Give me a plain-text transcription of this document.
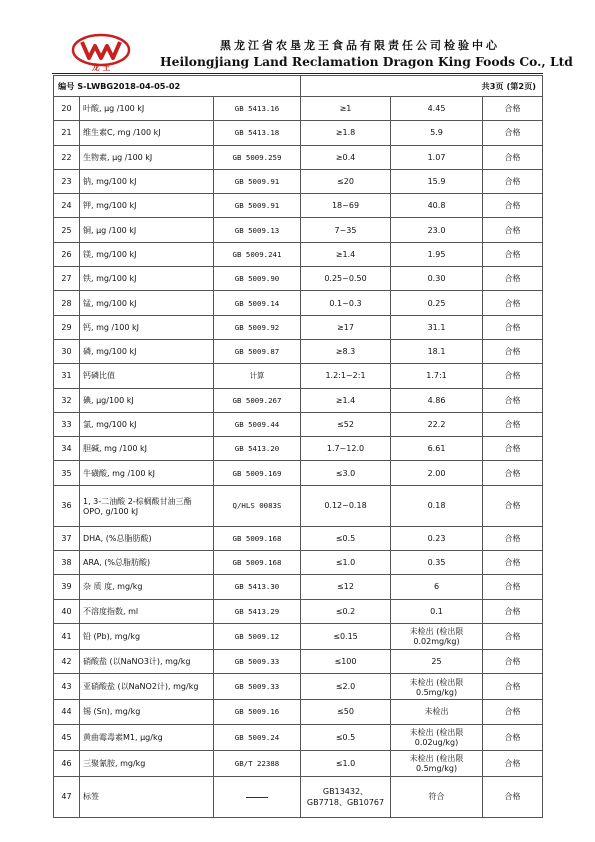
龙 王
黑龙江省农垦龙王食品有限责任公司检验中心
Heilongjiang Land Reclamation Dragon King Foods Co., Ltd
编号 S-LWBG2018-04-05-02			共3页 (第2页)		
20	叶酸, μg /100 kJ	GB 5413.16	≥1	4.45	合格
21	维生素C, mg /100 kJ	GB 5413.18	≥1.8	5.9	合格
22	生物素, μg /100 kJ	GB 5009.259	≥0.4	1.07	合格
23	钠, mg/100 kJ	GB 5009.91	≤20	15.9	合格
24	钾, mg/100 kJ	GB 5009.91	18~69	40.8	合格
25	铜, μg /100 kJ	GB 5009.13	7~35	23.0	合格
26	镁, mg/100 kJ	GB 5009.241	≥1.4	1.95	合格
27	铁, mg/100 kJ	GB 5009.90	0.25~0.50	0.30	合格
28	锰, mg/100 kJ	GB 5009.14	0.1~0.3	0.25	合格
29	钙, mg /100 kJ	GB 5009.92	≥17	31.1	合格
30	磷, mg/100 kJ	GB 5009.87	≥8.3	18.1	合格
31	钙磷比值	计算	1.2:1~2:1	1.7:1	合格
32	碘, μg/100 kJ	GB 5009.267	≥1.4	4.86	合格
33	氯, mg/100 kJ	GB 5009.44	≤52	22.2	合格
34	胆碱, mg /100 kJ	GB 5413.20	1.7~12.0	6.61	合格
35	牛磺酸, mg /100 kJ	GB 5009.169	≤3.0	2.00	合格
36	1, 3-二油酸 2-棕榈酸甘油三酯 OPO, g/100 kJ	Q/HLS 0083S	0.12~0.18	0.18	合格
37	DHA, (%总脂肪酸)	GB 5009.168	≤0.5	0.23	合格
38	ARA, (%总脂肪酸)	GB 5009.168	≤1.0	0.35	合格
39	杂 质 度, mg/kg	GB 5413.30	≤12	6	合格
40	不溶度指数, ml	GB 5413.29	≤0.2	0.1	合格
41	铅 (Pb), mg/kg	GB 5009.12	≤0.15	未检出 (检出限 0.02mg/kg)	合格
42	硝酸盐 (以NaNO3计), mg/kg	GB 5009.33	≤100	25	合格
43	亚硝酸盐 (以NaNO2计), mg/kg	GB 5009.33	≤2.0	未检出 (检出限 0.5mg/kg)	合格
44	锡 (Sn), mg/kg	GB 5009.16	≤50	未检出	合格
45	黄曲霉毒素M1, μg/kg	GB 5009.24	≤0.5	未检出 (检出限 0.02ug/kg)	合格
46	三聚氰胺, mg/kg	GB/T 22388	≤1.0	未检出 (检出限 0.5mg/kg)	合格
47	标签		GB13432、GB7718、GB10767	符合	合格
